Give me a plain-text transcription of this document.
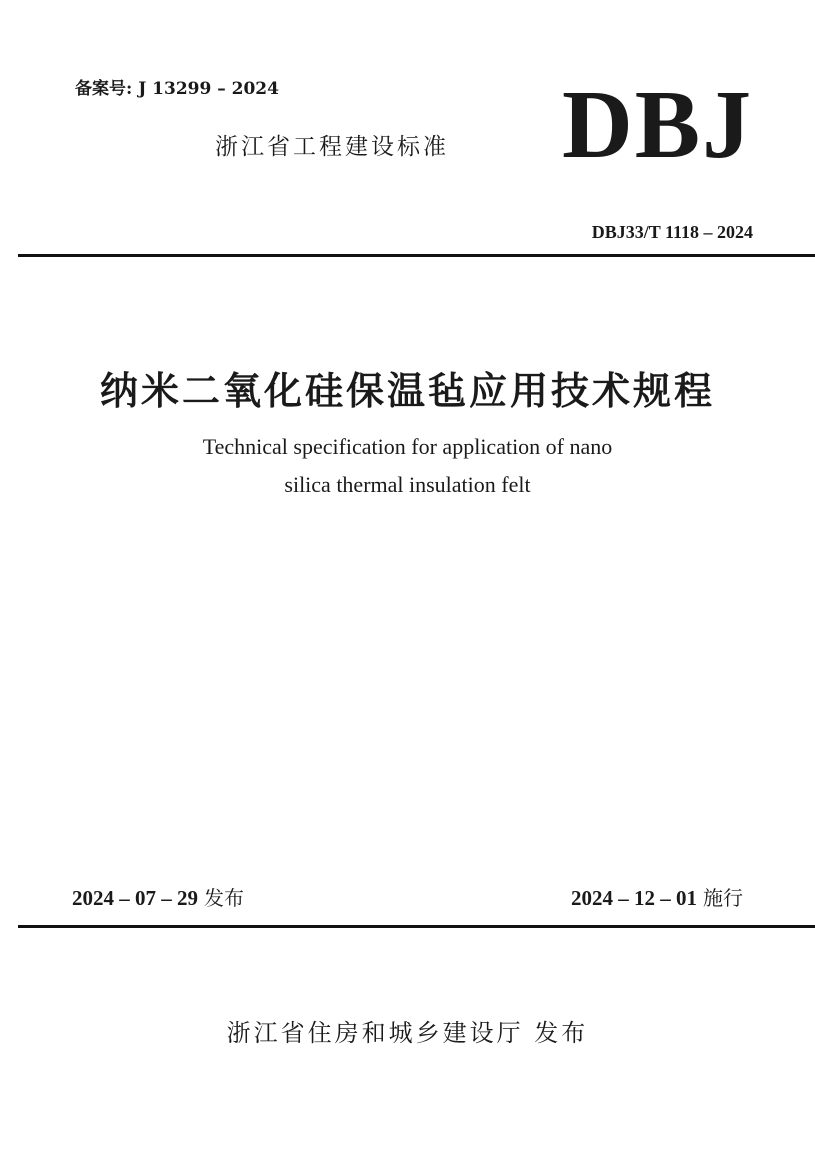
备案号: J 13299 – 2024
浙江省工程建设标准 DBJ
DBJ33/T 1118 – 2024
纳米二氧化硅保温毡应用技术规程
Technical specification for application of nano
silica thermal insulation felt
2024 – 07 – 29 发布	2024 – 12 – 01 施行
浙江省住房和城乡建设厅 发布
